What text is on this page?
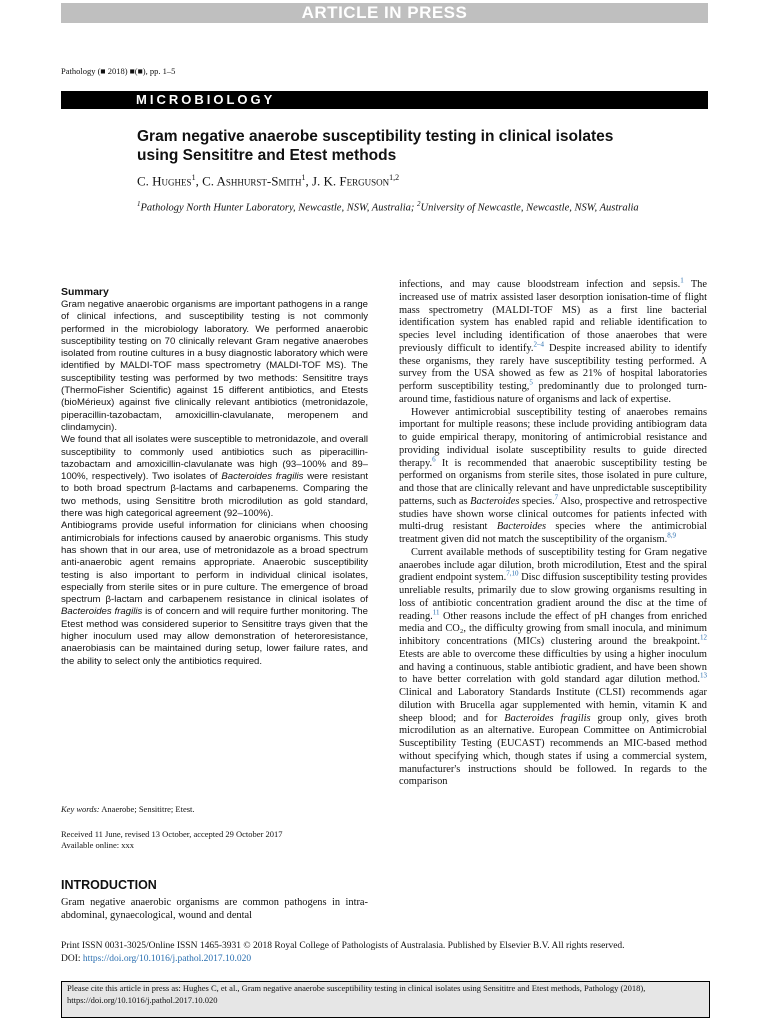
ARTICLE IN PRESS
Pathology (■ 2018) ■(■), pp. 1–5
MICROBIOLOGY
Gram negative anaerobe susceptibility testing in clinical isolates using Sensititre and Etest methods
C. Hughes$^1$, C. Ashhurst-Smith$^1$, J. K. Ferguson$^{1,2}$
$^1$Pathology North Hunter Laboratory, Newcastle, NSW, Australia; $^2$University of Newcastle, Newcastle, NSW, Australia
Summary

Gram negative anaerobic organisms are important pathogens in a range of clinical infections, and susceptibility testing is not commonly performed in the microbiology laboratory. We performed anaerobic susceptibility testing on 70 clinically relevant Gram negative anaerobes isolated from routine cultures in a busy diagnostic laboratory which were identified by MALDI-TOF mass spectrometry (MALDI-TOF MS). The susceptibility testing was performed by two methods: Sensititre trays (ThermoFisher Scientific) against 15 different antibiotics, and Etests (bioMérieux) against five clinically relevant antibiotics (metronidazole, piperacillin-tazobactam, amoxicillin-clavulanate, meropenem and clindamycin).

We found that all isolates were susceptible to metronidazole, and overall susceptibility to commonly used antibiotics such as piperacillin-tazobactam and amoxicillin-clavulanate was high (93–100% and 89–100%, respectively). Two isolates of Bacteroides fragilis were resistant to both broad spectrum β-lactams and carbapenems. Comparing the two methods, using Sensititre broth microdilution as gold standard, there was high categorical agreement (92–100%).

Antibiograms provide useful information for clinicians when choosing antimicrobials for infections caused by anaerobic organisms. This study has shown that in our area, use of metronidazole as a broad spectrum anti-anaerobic agent remains appropriate. Anaerobic susceptibility testing is also important to perform in individual clinical isolates, especially from sterile sites or in pure culture. The emergence of broad spectrum β-lactam and carbapenem resistance in clinical isolates of Bacteroides fragilis is of concern and will require further monitoring. The Etest method was considered superior to Sensititre trays given that the higher inoculum used may allow demonstration of heteroresistance, anaerobiasis can be maintained during setup, lower failure rates, and the ability to select only the antibiotics required.

Key words: Anaerobe; Sensititre; Etest.
Received 11 June, revised 13 October, accepted 29 October 2017
Available online: xxx
INTRODUCTION
Gram negative anaerobic organisms are common pathogens in intra-abdominal, gynaecological, wound and dental

infections, and may cause bloodstream infection and sepsis.$^1$ The increased use of matrix assisted laser desorption ionisation-time of flight mass spectrometry (MALDI-TOF MS) as a first line bacterial identification system has enabled rapid and reliable identification to species level including identification of those anaerobes that were previously difficult to identify.$^{2-4}$ Despite increased ability to identify these organisms, they rarely have susceptibility testing performed. A survey from the USA showed as few as 21% of hospital laboratories perform susceptibility testing,$^5$ predominantly due to prolonged turn-around time, fastidious nature of organisms and lack of expertise.

However antimicrobial susceptibility testing of anaerobes remains important for multiple reasons; these include providing antibiogram data to guide empirical therapy, monitoring of antimicrobial resistance and providing individual isolate susceptibility results to guide directed therapy.$^6$ It is recommended that anaerobic susceptibility testing be performed on organisms from sterile sites, those isolated in pure culture, and those that are clinically relevant and have unpredictable susceptibility patterns, such as Bacteroides species.$^7$ Also, prospective and retrospective studies have shown worse clinical outcomes for patients infected with multi-drug resistant Bacteroides species where the antimicrobial treatment given did not match the susceptibility of the organism.$^{8,9}$

Current available methods of susceptibility testing for Gram negative anaerobes include agar dilution, broth microdilution, Etest and the spiral gradient endpoint system.$^{7,10}$ Disc diffusion susceptibility testing provides unreliable results, primarily due to slow growing organisms resulting in loss of antibiotic concentration gradient around the disc at the time of reading.$^{11}$ Other reasons include the effect of pH changes from enriched media and CO₂, the difficulty growing from small inocula, and minimum inhibitory concentrations (MICs) clustering around the breakpoint.$^{12}$ Etests are able to overcome these difficulties by using a higher inoculum and having a continuous, stable antibiotic gradient, and have been shown to have better correlation with gold standard agar dilution method.$^{13}$ Clinical and Laboratory Standards Institute (CLSI) recommends agar dilution with Brucella agar supplemented with hemin, vitamin K and sheep blood; and for Bacteroides fragilis group only, gives broth microdilution as an alternative. European Committee on Antimicrobial Susceptibility Testing (EUCAST) recommends an MIC-based method without specifying which, though states if using a commercial system, manufacturer's instructions should be followed. In regards to the comparison

Print ISSN 0031-3025/Online ISSN 1465-3931 © 2018 Royal College of Pathologists of Australasia. Published by Elsevier B.V. All rights reserved.
DOI: https://doi.org/10.1016/j.pathol.2017.10.020
Please cite this article in press as: Hughes C, et al., Gram negative anaerobe susceptibility testing in clinical isolates using Sensititre and Etest methods, Pathology (2018), https://doi.org/10.1016/j.pathol.2017.10.020
